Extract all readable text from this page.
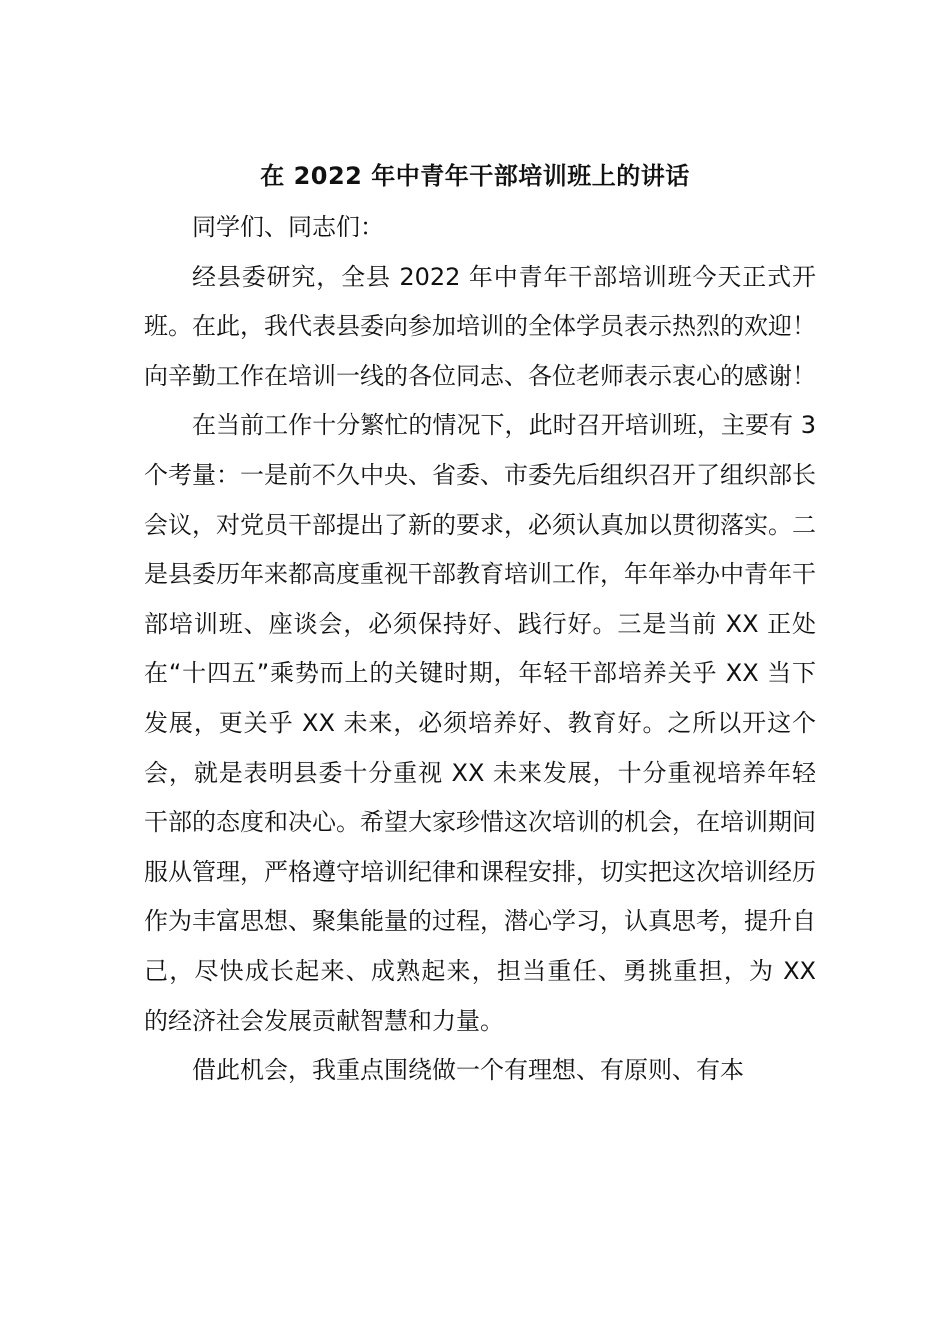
在 2022 年中青年干部培训班上的讲话

同学们、同志们：

经县委研究，全县 2022 年中青年干部培训班今天正式开班。在此，我代表县委向参加培训的全体学员表示热烈的欢迎！向辛勤工作在培训一线的各位同志、各位老师表示衷心的感谢！

在当前工作十分繁忙的情况下，此时召开培训班，主要有 3 个考量：一是前不久中央、省委、市委先后组织召开了组织部长会议，对党员干部提出了新的要求，必须认真加以贯彻落实。二是县委历年来都高度重视干部教育培训工作，年年举办中青年干部培训班、座谈会，必须保持好、践行好。三是当前 XX 正处在“十四五”乘势而上的关键时期，年轻干部培养关乎 XX 当下发展，更关乎 XX 未来，必须培养好、教育好。之所以开这个会，就是表明县委十分重视 XX 未来发展，十分重视培养年轻干部的态度和决心。希望大家珍惜这次培训的机会，在培训期间服从管理，严格遵守培训纪律和课程安排，切实把这次培训经历作为丰富思想、聚集能量的过程，潜心学习，认真思考，提升自己，尽快成长起来、成熟起来，担当重任、勇挑重担，为 XX 的经济社会发展贡献智慧和力量。

借此机会，我重点围绕做一个有理想、有原则、有本
